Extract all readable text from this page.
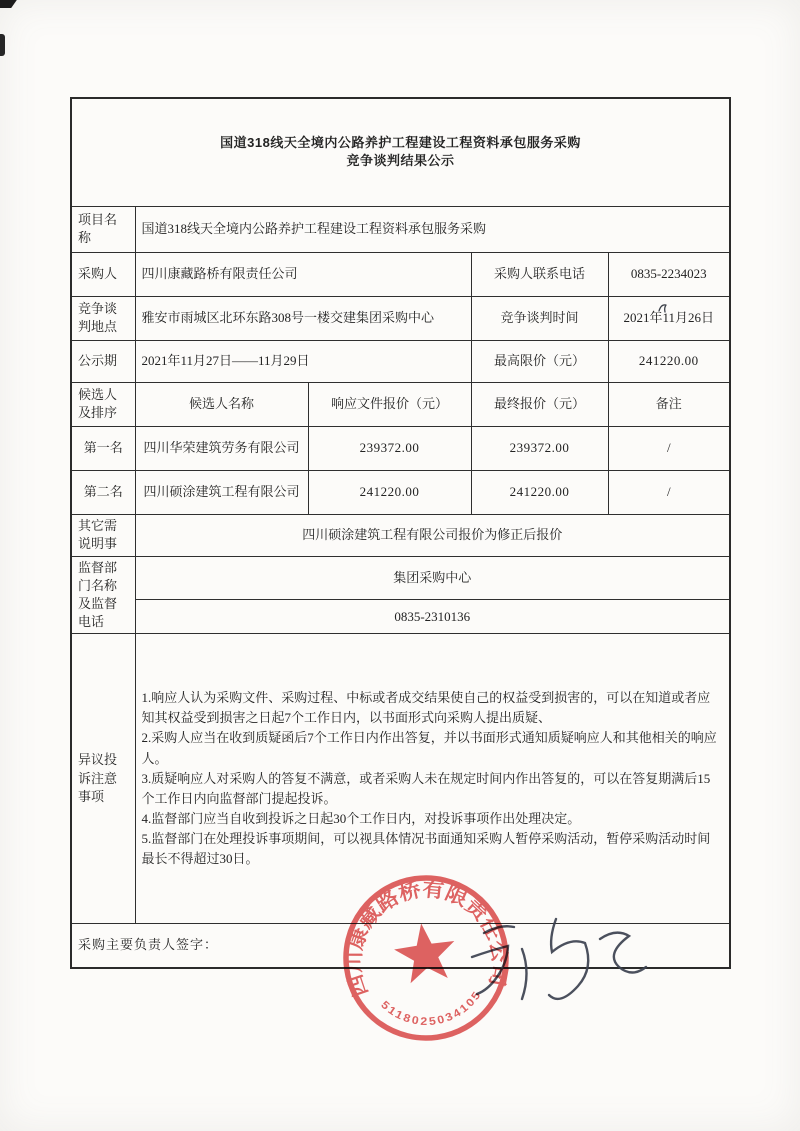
国道318线天全境内公路养护工程建设工程资料承包服务采购
竞争谈判结果公示				

项目名称	国道318线天全境内公路养护工程建设工程资料承包服务采购			
采购人	四川康藏路桥有限责任公司		采购人联系电话	0835-2234023
竞争谈判地点	雅安市雨城区北环东路308号一楼交建集团采购中心		竞争谈判时间	2021年11月26日
公示期	2021年11月27日——11月29日		最高限价（元）	241220.00
候选人及排序	候选人名称	响应文件报价（元）	最终报价（元）	备注
第一名	四川华荣建筑劳务有限公司	239372.00	239372.00	/
第二名	四川硕涂建筑工程有限公司	241220.00	241220.00	/
其它需说明事	四川硕涂建筑工程有限公司报价为修正后报价			
监督部门名称及监督电话	集团采购中心			
	0835-2310136			
异议投诉注意事项	1.响应人认为采购文件、采购过程、中标或者成交结果使自己的权益受到损害的，可以在知道或者应知其权益受到损害之日起7个工作日内，以书面形式向采购人提出质疑、

2.采购人应当在收到质疑函后7个工作日内作出答复，并以书面形式通知质疑响应人和其他相关的响应人。

3.质疑响应人对采购人的答复不满意，或者采购人未在规定时间内作出答复的，可以在答复期满后15个工作日内向监督部门提起投诉。

4.监督部门应当自收到投诉之日起30个工作日内，对投诉事项作出处理决定。

5.监督部门在处理投诉事项期间，可以视具体情况书面通知采购人暂停采购活动，暂停采购活动时间最长不得超过30日。			

采购主要负责人签字：				
四川康藏路桥有限责任公司
5118025034105
